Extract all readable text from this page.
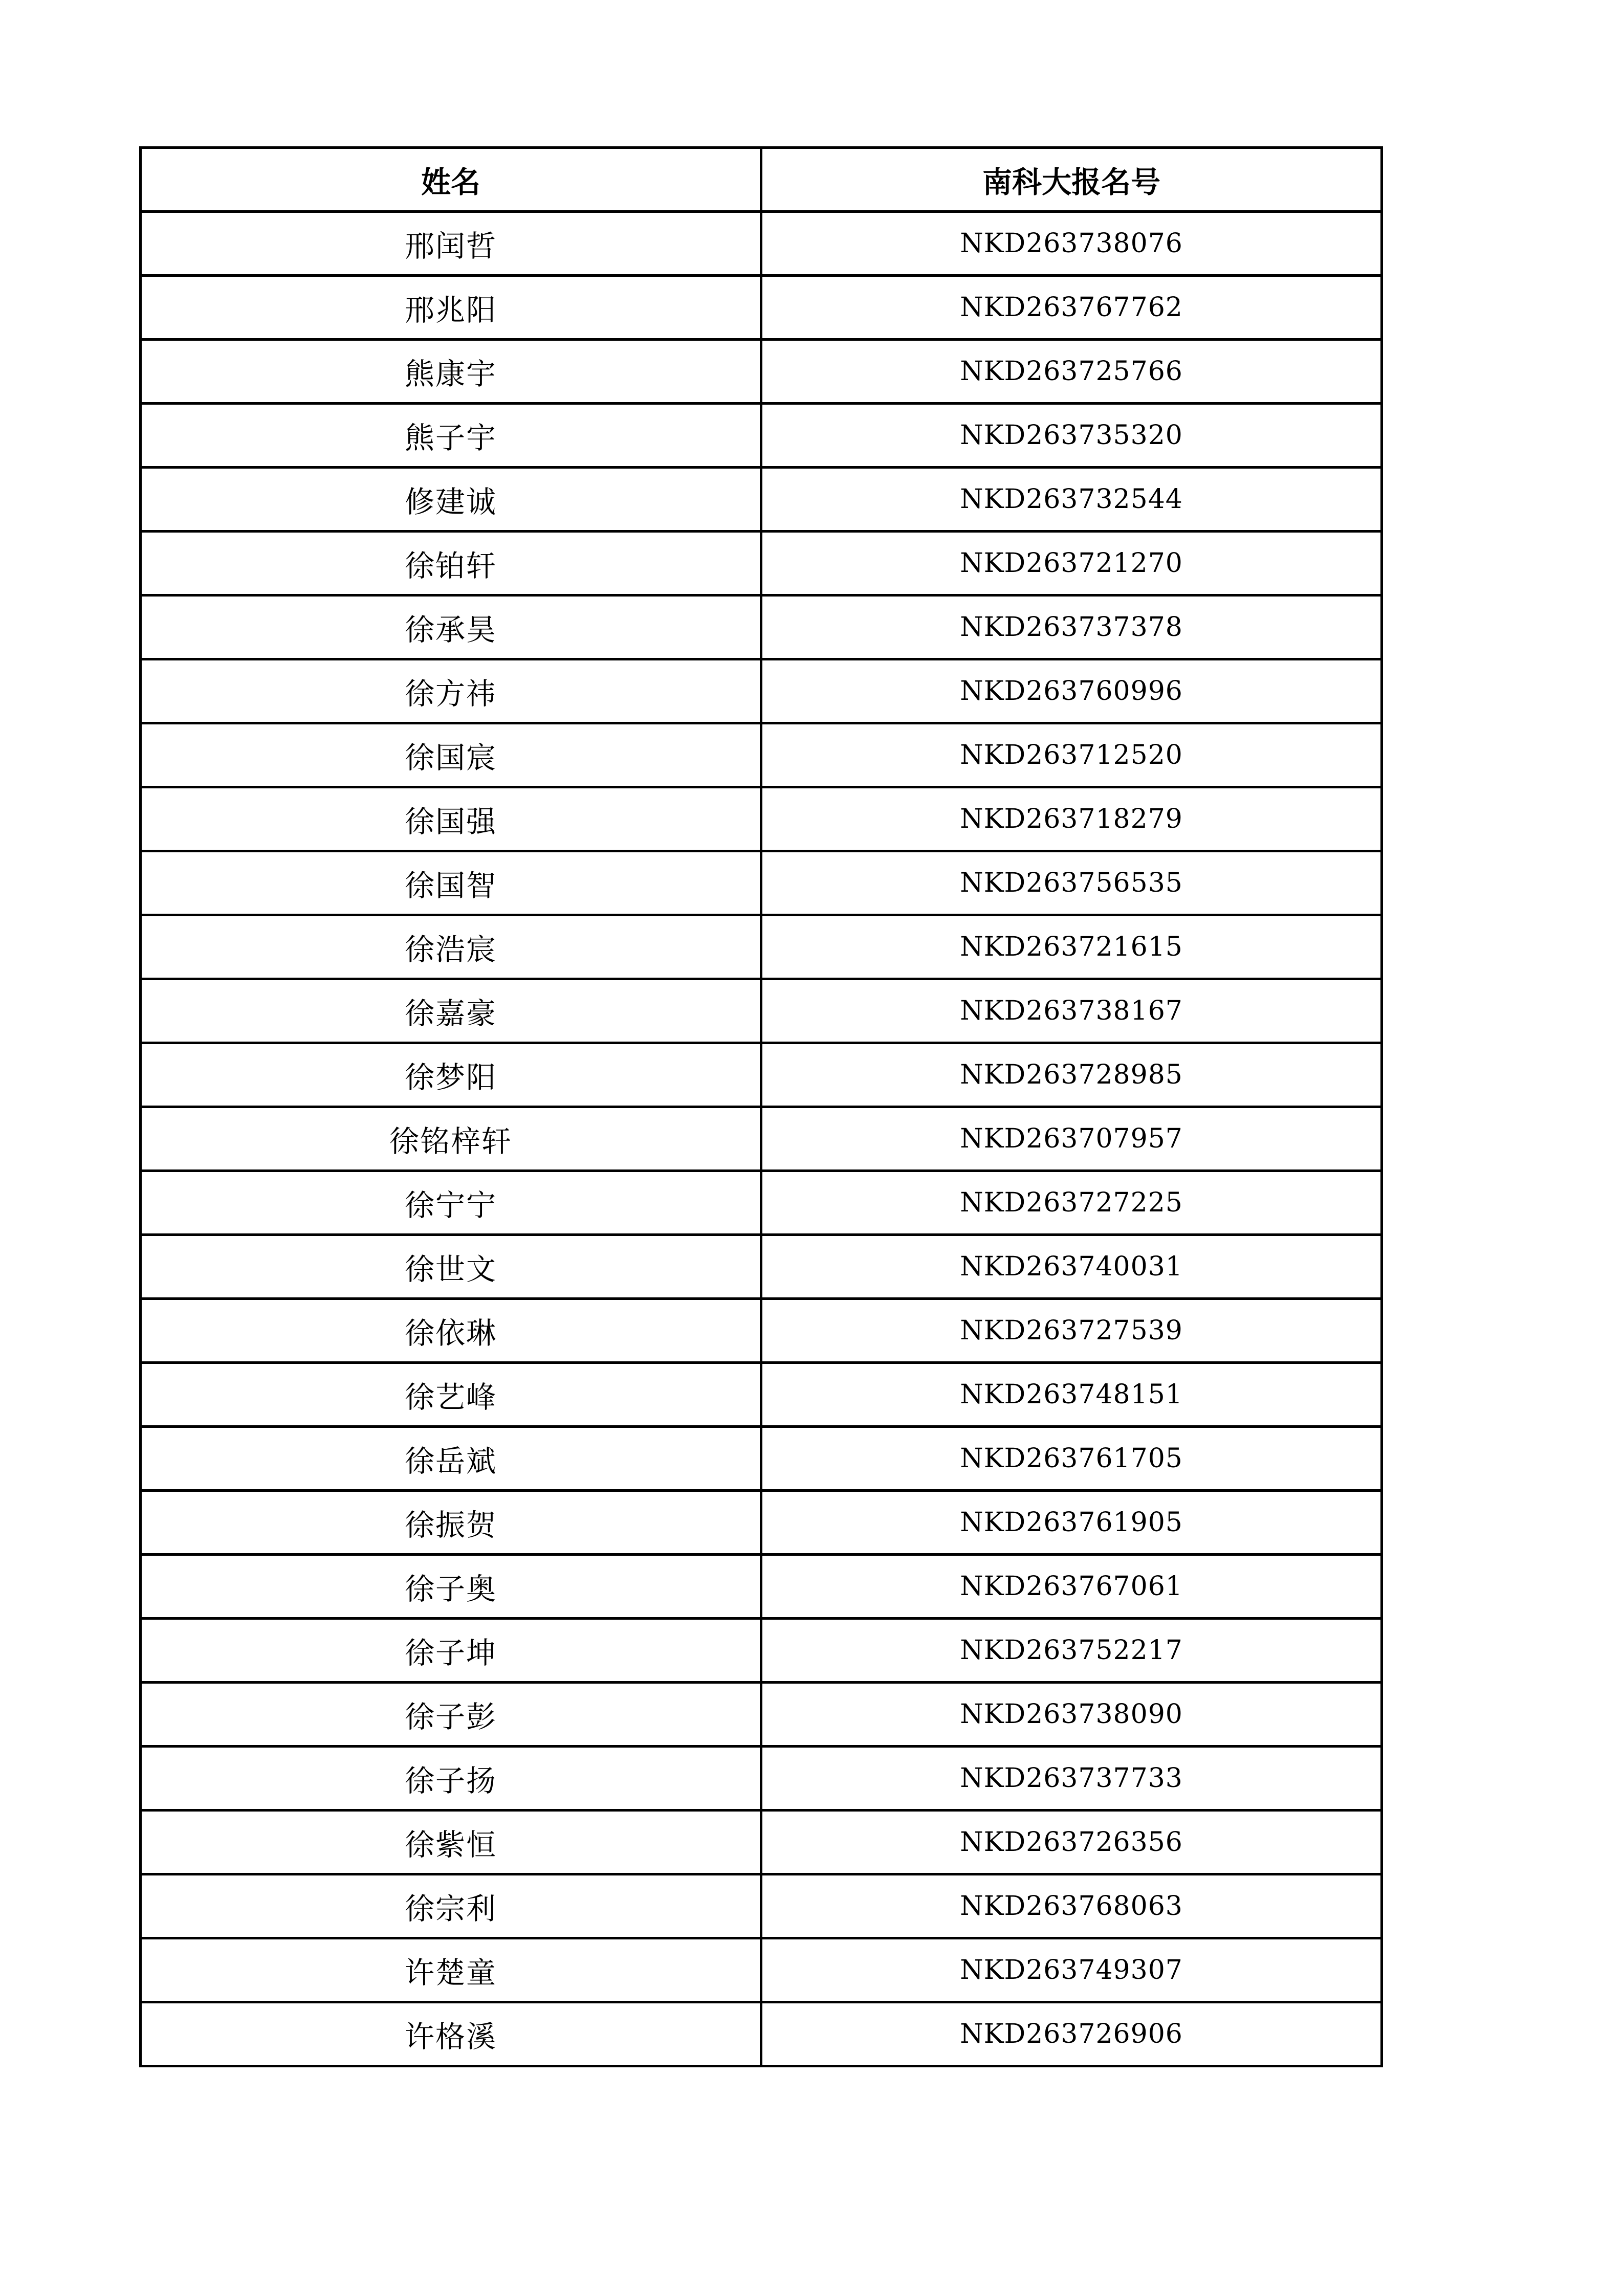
姓名	南科大报名号
邢闰哲	NKD263738076
邢兆阳	NKD263767762
熊康宇	NKD263725766
熊子宇	NKD263735320
修建诚	NKD263732544
徐铂轩	NKD263721270
徐承昊	NKD263737378
徐方祎	NKD263760996
徐国宸	NKD263712520
徐国强	NKD263718279
徐国智	NKD263756535
徐浩宸	NKD263721615
徐嘉豪	NKD263738167
徐梦阳	NKD263728985
徐铭梓轩	NKD263707957
徐宁宁	NKD263727225
徐世文	NKD263740031
徐依琳	NKD263727539
徐艺峰	NKD263748151
徐岳斌	NKD263761705
徐振贺	NKD263761905
徐子奥	NKD263767061
徐子坤	NKD263752217
徐子彭	NKD263738090
徐子扬	NKD263737733
徐紫恒	NKD263726356
徐宗利	NKD263768063
许楚童	NKD263749307
许格溪	NKD263726906
